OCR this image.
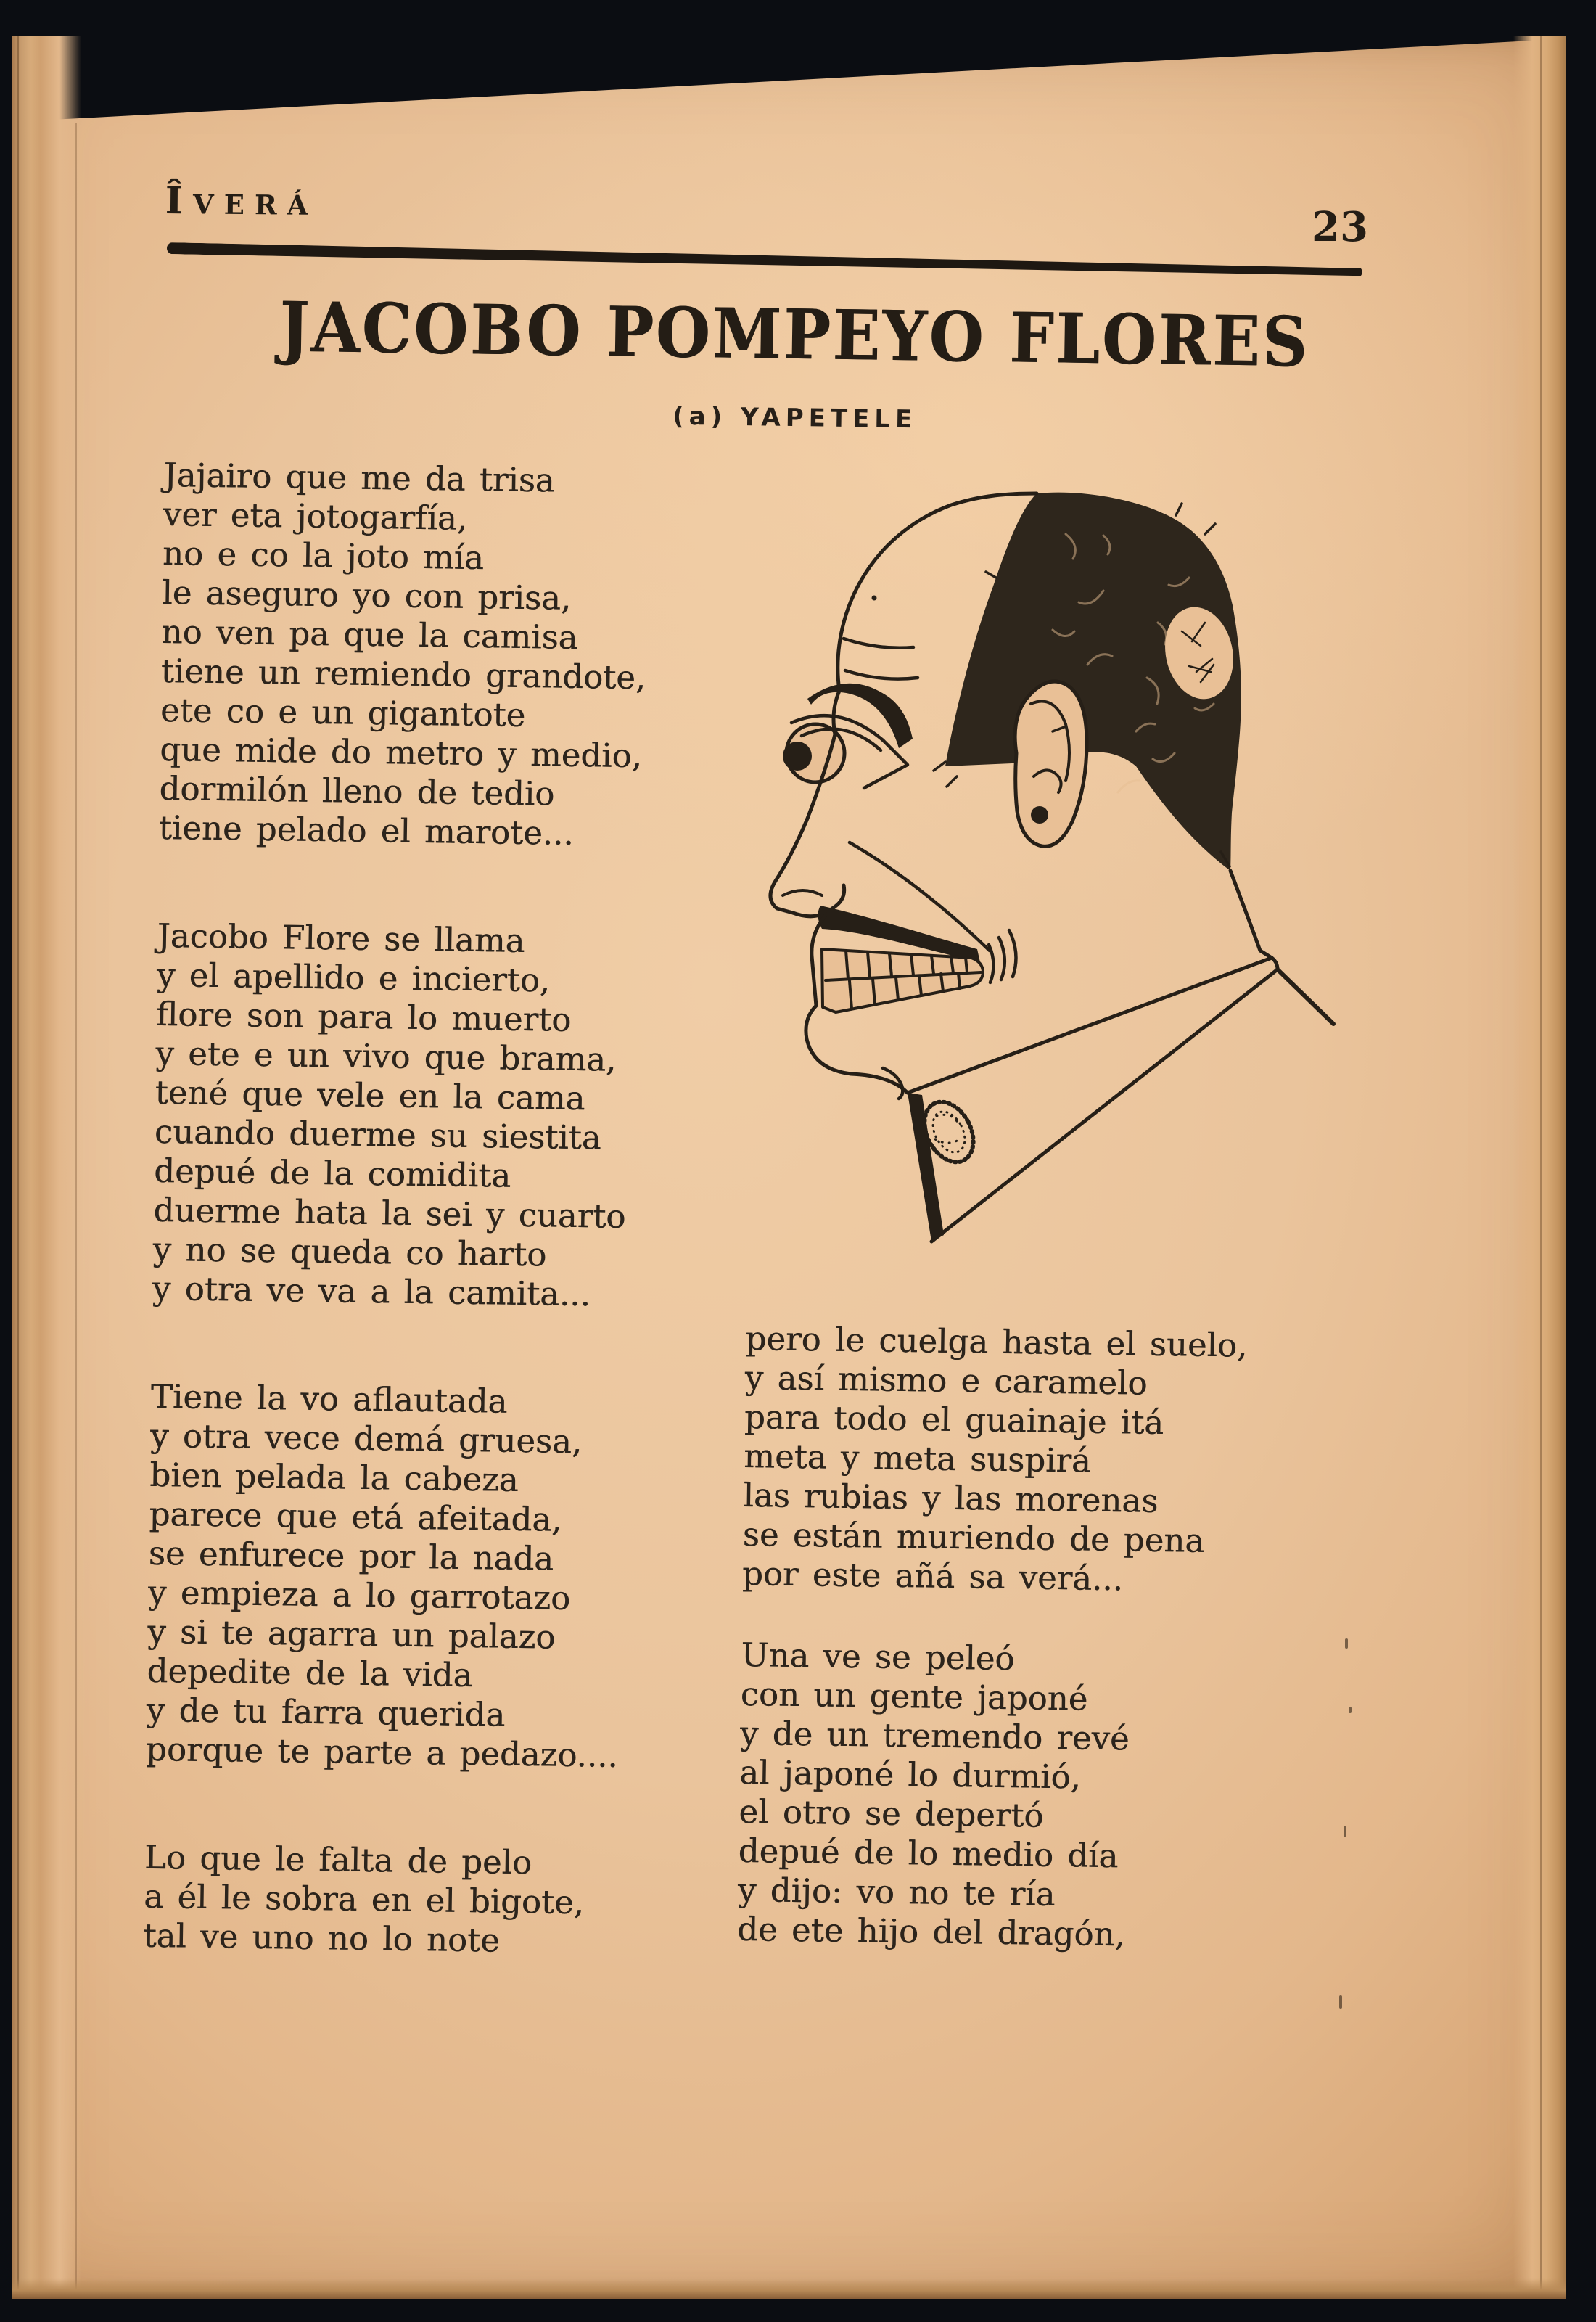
ÎVERÁ	23
JACOBO POMPEYO FLORES
(a) YAPETELE
Jajairo que me da trisa
ver eta jotogarfía,
no e co la joto mía
le aseguro yo con prisa,
no ven pa que la camisa
tiene un remiendo grandote,
ete co e un gigantote
que mide do metro y medio,
dormilón lleno de tedio
tiene pelado el marote...
Jacobo Flore se llama
y el apellido e incierto,
flore son para lo muerto
y ete e un vivo que brama,
tené que vele en la cama
cuando duerme su siestita
depué de la comidita
duerme hata la sei y cuarto
y no se queda co harto
y otra ve va a la camita...
Tiene la vo aflautada
y otra vece demá gruesa,
bien pelada la cabeza
parece que etá afeitada,
se enfurece por la nada
y empieza a lo garrotazo
y si te agarra un palazo
depedite de la vida
y de tu farra querida
porque te parte a pedazo....
Lo que le falta de pelo
a él le sobra en el bigote,
tal ve uno no lo note
pero le cuelga hasta el suelo,
y así mismo e caramelo
para todo el guainaje itá
meta y meta suspirá
las rubias y las morenas
se están muriendo de pena
por este añá sa verá...
Una ve se peleó
con un gente japoné
y de un tremendo revé
al japoné lo durmió,
el otro se depertó
depué de lo medio día
y dijo: vo no te ría
de ete hijo del dragón,
